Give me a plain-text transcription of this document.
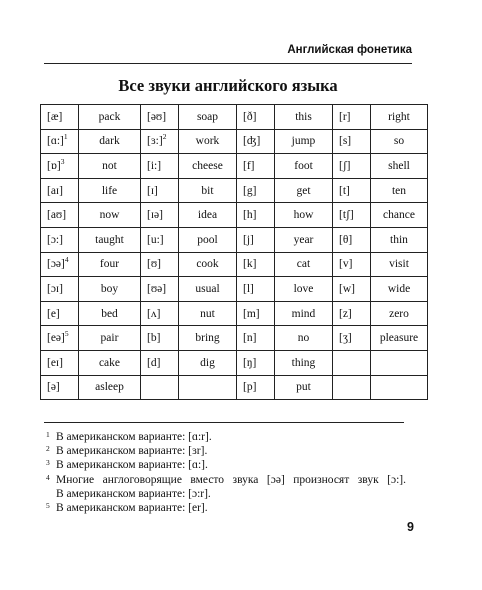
Английская фонетика
Все звуки английского языка
[æ]	pack	[əʊ]	soap	[ð]	this	[r]	right
[ɑ:]$^1$	dark	[ɜ:]$^2$	work	[ʤ]	jump	[s]	so
[ɒ]$^3$	not	[i:]	cheese	[f]	foot	[ʃ]	shell
[aɪ]	life	[ɪ]	bit	[g]	get	[t]	ten
[aʊ]	now	[ɪə]	idea	[h]	how	[tʃ]	chance
[ɔ:]	taught	[u:]	pool	[j]	year	[θ]	thin
[ɔə]$^4$	four	[ʊ]	cook	[k]	cat	[v]	visit
[ɔɪ]	boy	[ʊə]	usual	[l]	love	[w]	wide
[e]	bed	[ʌ]	nut	[m]	mind	[z]	zero
[eə]$^5$	pair	[b]	bring	[n]	no	[ʒ]	pleasure
[eɪ]	cake	[d]	dig	[ŋ]	thing		
[ə]	asleep			[p]	put		
1 В американском варианте: [ɑ:r].
2 В американском варианте: [ɜr].
3 В американском варианте: [ɑ:].
4 Многие англоговорящие вместо звука [ɔə] произносят звук [ɔ:].
В американском варианте: [ɔ:r].
5 В американском варианте: [er].
9
